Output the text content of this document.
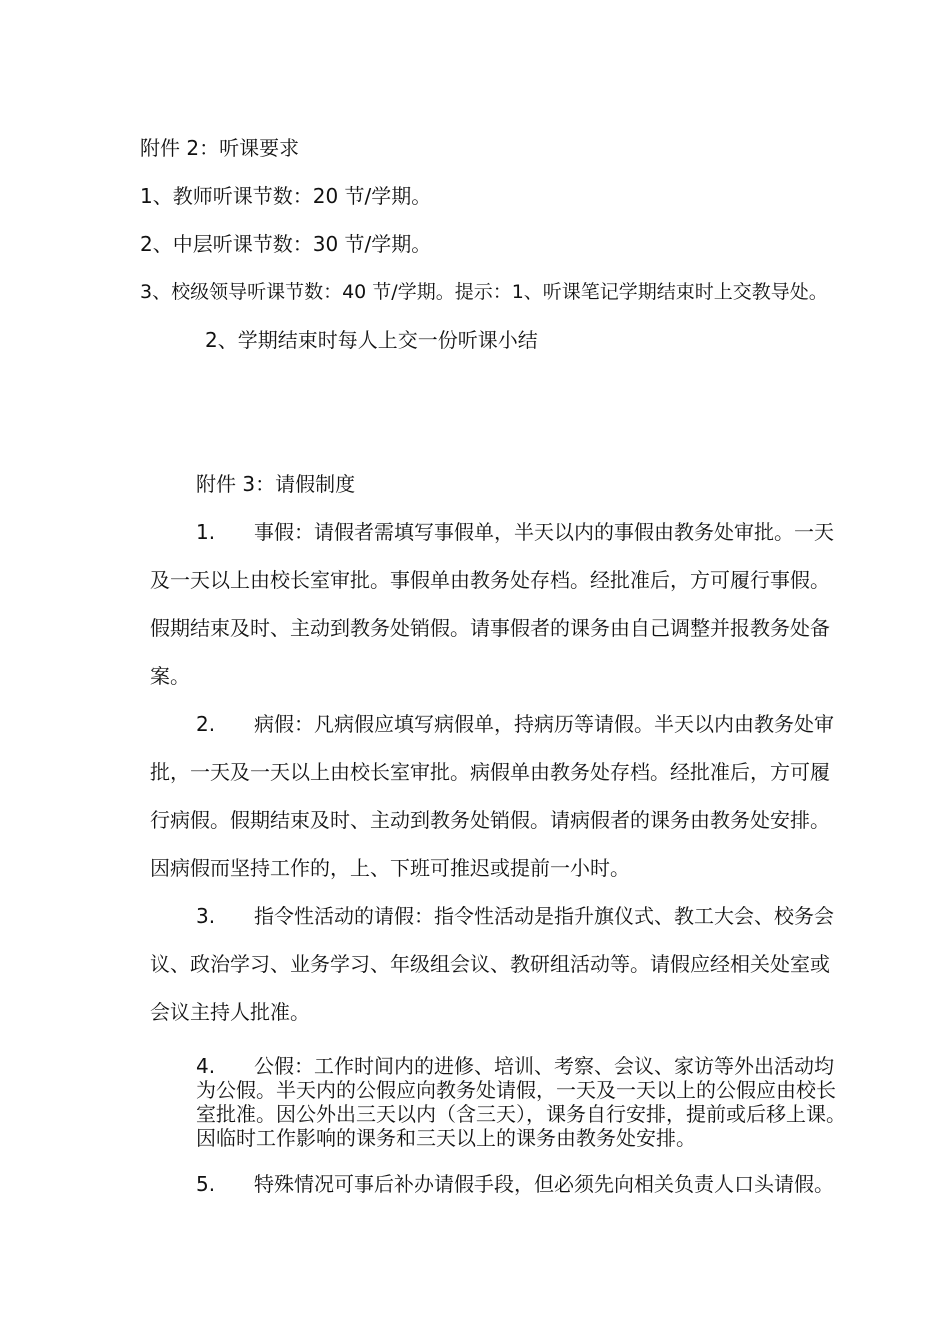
附件 2：听课要求
1、教师听课节数：20 节/学期。
2、中层听课节数：30 节/学期。
3、校级领导听课节数：40 节/学期。提示：1、听课笔记学期结束时上交教导处。
2、学期结束时每人上交一份听课小结
附件 3：请假制度
1.	事假：请假者需填写事假单，半天以内的事假由教务处审批。一天
及一天以上由校长室审批。事假单由教务处存档。经批准后，方可履行事假。
假期结束及时、主动到教务处销假。请事假者的课务由自己调整并报教务处备
案。
2.	病假：凡病假应填写病假单，持病历等请假。半天以内由教务处审
批，一天及一天以上由校长室审批。病假单由教务处存档。经批准后，方可履
行病假。假期结束及时、主动到教务处销假。请病假者的课务由教务处安排。
因病假而坚持工作的，上、下班可推迟或提前一小时。
3.	指令性活动的请假：指令性活动是指升旗仪式、教工大会、校务会
议、政治学习、业务学习、年级组会议、教研组活动等。请假应经相关处室或
会议主持人批准。
4.	公假：工作时间内的进修、培训、考察、会议、家访等外出活动均
为公假。半天内的公假应向教务处请假，一天及一天以上的公假应由校长
室批准。因公外出三天以内（含三天），课务自行安排，提前或后移上课。
因临时工作影响的课务和三天以上的课务由教务处安排。
5. 特殊情况可事后补办请假手段，但必须先向相关负责人口头请假。
